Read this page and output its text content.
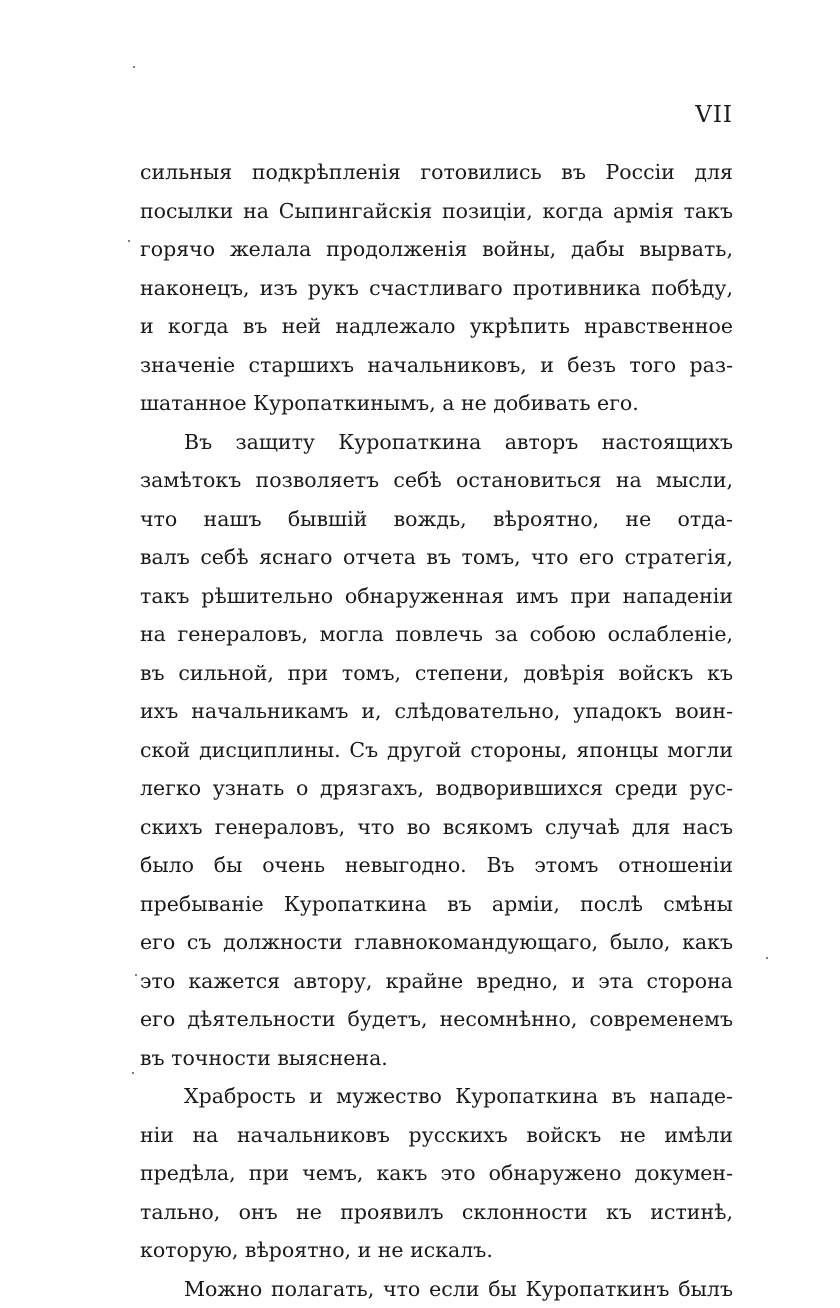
VII
сильныя подкрѣпленія готовились въ Россіи для
посылки на Сыпингайскія позиціи, когда армія такъ
горячо желала продолженія войны, дабы вырвать,
наконецъ, изъ рукъ счастливаго противника побѣду,
и когда въ ней надлежало укрѣпить нравственное
значеніе старшихъ начальниковъ, и безъ того раз-
шатанное Куропаткинымъ, а не добивать его.
Въ защиту Куропаткина авторъ настоящихъ
замѣтокъ позволяетъ себѣ остановиться на мысли,
что нашъ бывшій вождь, вѣроятно, не отда-
валъ себѣ яснаго отчета въ томъ, что его стратегія,
такъ рѣшительно обнаруженная имъ при нападеніи
на генераловъ, могла повлечь за собою ослабленіе,
въ сильной, при томъ, степени, довѣрія войскъ къ
ихъ начальникамъ и, слѣдовательно, упадокъ воин-
ской дисциплины. Съ другой стороны, японцы могли
легко узнать о дрязгахъ, водворившихся среди рус-
скихъ генераловъ, что во всякомъ случаѣ для насъ
было бы очень невыгодно. Въ этомъ отношеніи
пребываніе Куропаткина въ арміи, послѣ смѣны
его съ должности главнокомандующаго, было, какъ
это кажется автору, крайне вредно, и эта сторона
его дѣятельности будетъ, несомнѣнно, современемъ
въ точности выяснена.
Храбрость и мужество Куропаткина въ нападе-
ніи на начальниковъ русскихъ войскъ не имѣли
предѣла, при чемъ, какъ это обнаружено докумен-
тально, онъ не проявилъ склонности къ истинѣ,
которую, вѣроятно, и не искалъ.
Можно полагать, что если бы Куропаткинъ былъ
